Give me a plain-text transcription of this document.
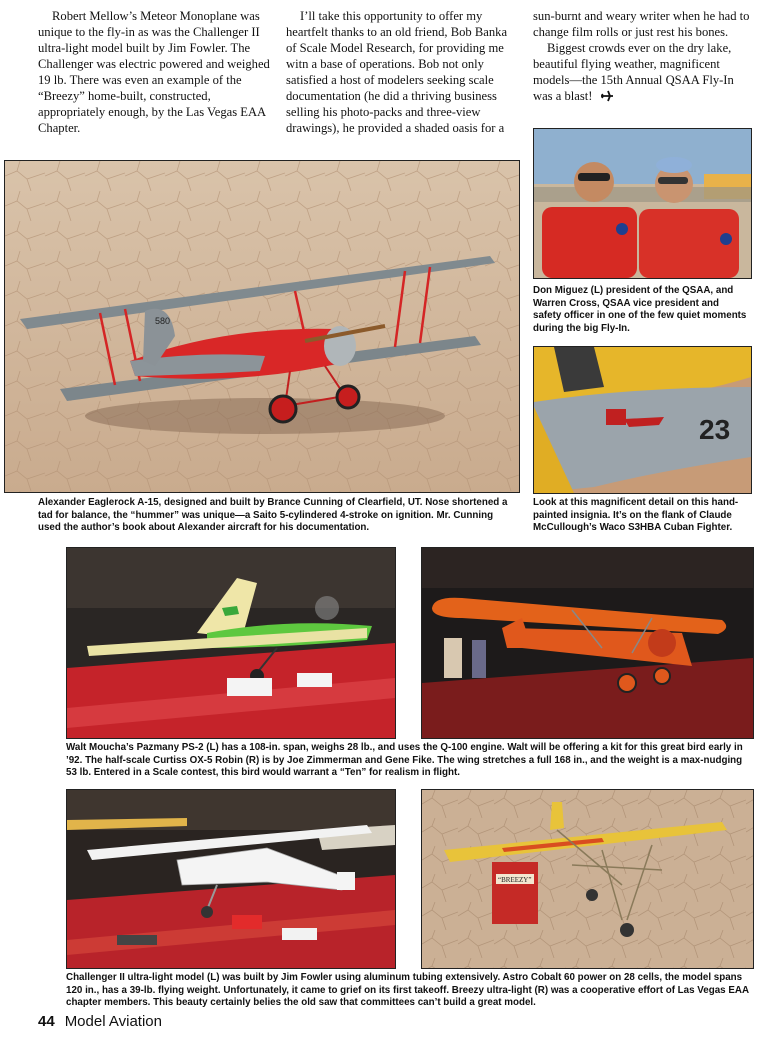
Robert Mellow’s Meteor Monoplane was unique to the fly-in as was the Challenger II ultra-light model built by Jim Fowler. The Challenger was electric powered and weighed 19 lb. There was even an example of the “Breezy” home-built, constructed, appropriately enough, by the Las Vegas EAA Chapter.

I’ll take this opportunity to offer my heartfelt thanks to an old friend, Bob Banka of Scale Model Research, for providing me witn a base of operations. Bob not only satisfied a host of modelers seeking scale documentation (he did a thriving business selling his photo-packs and three-view drawings), he provided a shaded oasis for a

sun-burnt and weary writer when he had to change film rolls or just rest his bones.

Biggest crowds ever on the dry lake, beautiful flying weather, magnificent models—the 15th Annual QSAA Fly-In was a blast!

580

Don Miguez (L) president of the QSAA, and Warren Cross, QSAA vice president and safety officer in one of the few quiet moments during the big Fly-In.

23

Look at this magnificent detail on this hand-painted insignia. It’s on the flank of Claude McCullough’s Waco S3HBA Cuban Fighter.

Alexander Eaglerock A-15, designed and built by Brance Cunning of Clearfield, UT. Nose shortened a tad for balance, the “hummer” was unique—a Saito 5-cylindered 4-stroke on ignition. Mr. Cunning used the author’s book about Alexander aircraft for his documentation.

Walt Moucha’s Pazmany PS-2 (L) has a 108-in. span, weighs 28 lb., and uses the Q-100 engine. Walt will be offering a kit for this great bird early in ’92. The half-scale Curtiss OX-5 Robin (R) is by Joe Zimmerman and Gene Fike. The wing stretches a full 168 in., and the weight is a max-nudging 53 lb. Entered in a Scale contest, this bird would warrant a “Ten” for realism in flight.

“BREEZY”

Challenger II ultra-light model (L) was built by Jim Fowler using aluminum tubing extensively. Astro Cobalt 60 power on 28 cells, the model spans 120 in., has a 39-lb. flying weight. Unfortunately, it came to grief on its first takeoff. Breezy ultra-light (R) was a cooperative effort of Las Vegas EAA chapter members. This beauty certainly belies the old saw that committees can’t build a great model.

44 Model Aviation
